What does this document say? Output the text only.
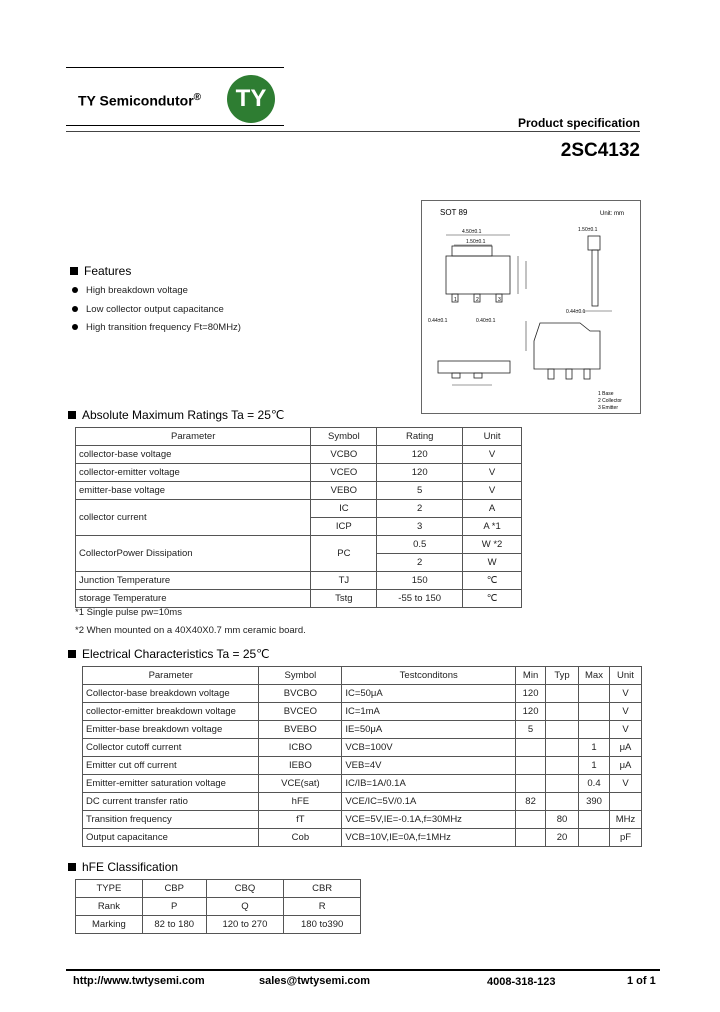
TY Semicondutor®	TY
Product specification
2SC4132
SOT 89	Unit: mm
4.50±0.1
1.50±0.1
1	2	3
0.44±0.1	0.40±0.1
1.50±0.1
0.44±0.1
1 Base
2 Collector
3 Emitter
Features
High breakdown voltage
Low collector output capacitance
High transition frequency Ft=80MHz)
Absolute Maximum Ratings Ta = 25℃
Parameter	Symbol	Rating	Unit
collector-base voltage	VCBO	120	V
collector-emitter voltage	VCEO	120	V
emitter-base voltage	VEBO	5	V
collector current	IC	2	A
	ICP	3	A *1
CollectorPower Dissipation	PC	0.5	W *2
		2	W
Junction Temperature	TJ	150	℃
storage Temperature	Tstg	-55 to 150	℃
*1 Single pulse pw=10ms
*2 When mounted on a 40X40X0.7 mm ceramic board.
Electrical Characteristics Ta = 25℃
Parameter	Symbol	Testconditons	Min	Typ	Max	Unit
Collector-base breakdown voltage	BVCBO	IC=50μA	120			V
collector-emitter breakdown voltage	BVCEO	IC=1mA	120			V
Emitter-base breakdown voltage	BVEBO	IE=50μA	5			V
Collector cutoff current	ICBO	VCB=100V			1	μA
Emitter cut off current	IEBO	VEB=4V			1	μA
Emitter-emitter saturation voltage	VCE(sat)	IC/IB=1A/0.1A			0.4	V
DC current transfer ratio	hFE	VCE/IC=5V/0.1A	82		390	
Transition frequency	fT	VCE=5V,IE=-0.1A,f=30MHz		80		MHz
Output capacitance	Cob	VCB=10V,IE=0A,f=1MHz		20		pF
hFE Classification
TYPE	CBP	CBQ	CBR
Rank	P	Q	R
Marking	82 to 180	120 to 270	180 to390
http://www.twtysemi.com	sales@twtysemi.com	4008-318-123	1 of 1
